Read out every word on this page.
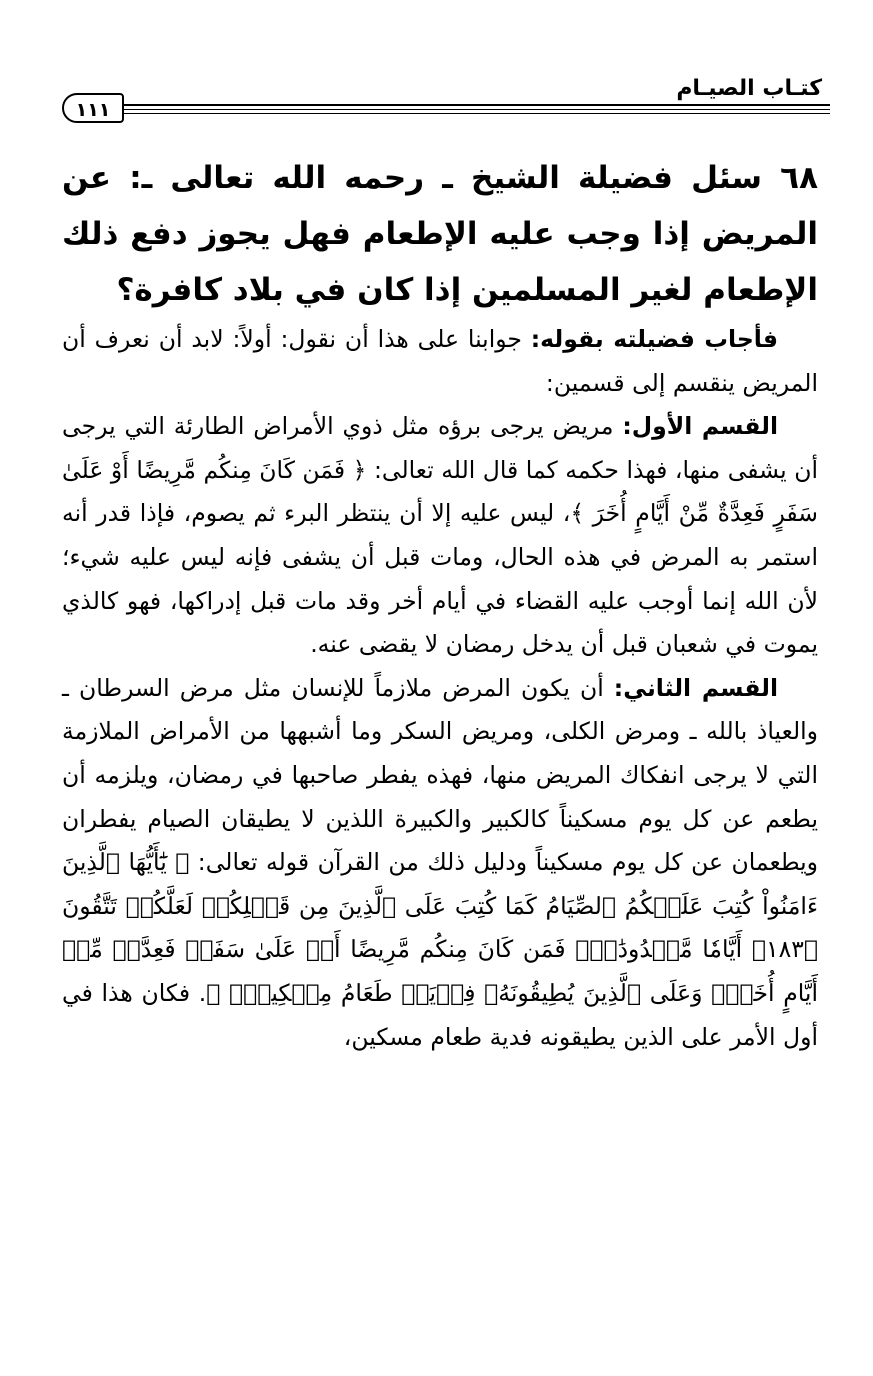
كتـاب الصيـام
١١١

٦٨ سئل فضيلة الشيخ ـ رحمه الله تعالى ـ: عن المريض إذا وجب عليه الإطعام فهل يجوز دفع ذلك الإطعام لغير المسلمين إذا كان في بلاد كافرة؟

فأجاب فضيلته بقوله: جوابنا على هذا أن نقول: أولاً: لابد أن نعرف أن المريض ينقسم إلى قسمين:

القسم الأول: مريض يرجى برؤه مثل ذوي الأمراض الطارئة التي يرجى أن يشفى منها، فهذا حكمه كما قال الله تعالى: ﴿ فَمَن كَانَ مِنكُم مَّرِيضًا أَوْ عَلَىٰ سَفَرٍ فَعِدَّةٌ مِّنْ أَيَّامٍ أُخَرَ ﴾، ليس عليه إلا أن ينتظر البرء ثم يصوم، فإذا قدر أنه استمر به المرض في هذه الحال، ومات قبل أن يشفى فإنه ليس عليه شيء؛ لأن الله إنما أوجب عليه القضاء في أيام أخر وقد مات قبل إدراكها، فهو كالذي يموت في شعبان قبل أن يدخل رمضان لا يقضى عنه.

القسم الثاني: أن يكون المرض ملازماً للإنسان مثل مرض السرطان ـ والعياذ بالله ـ ومرض الكلى، ومريض السكر وما أشبهها من الأمراض الملازمة التي لا يرجى انفكاك المريض منها، فهذه يفطر صاحبها في رمضان، ويلزمه أن يطعم عن كل يوم مسكيناً كالكبير والكبيرة اللذين لا يطيقان الصيام يفطران ويطعمان عن كل يوم مسكيناً ودليل ذلك من القرآن قوله تعالى: ﴿ يَٰٓأَيُّهَا ٱلَّذِينَ ءَامَنُواْ كُتِبَ عَلَيۡكُمُ ٱلصِّيَامُ كَمَا كُتِبَ عَلَى ٱلَّذِينَ مِن قَبۡلِكُمۡ لَعَلَّكُمۡ تَتَّقُونَ ﴿١٨٣﴾ أَيَّامٗا مَّعۡدُودَٰتٖۚ فَمَن كَانَ مِنكُم مَّرِيضًا أَوۡ عَلَىٰ سَفَرٖ فَعِدَّةٞ مِّنۡ أَيَّامٍ أُخَرَۚ وَعَلَى ٱلَّذِينَ يُطِيقُونَهُۥ فِدۡيَةٞ طَعَامُ مِسۡكِينٖۖ ﴾. فكان هذا في أول الأمر على الذين يطيقونه فدية طعام مسكين،
